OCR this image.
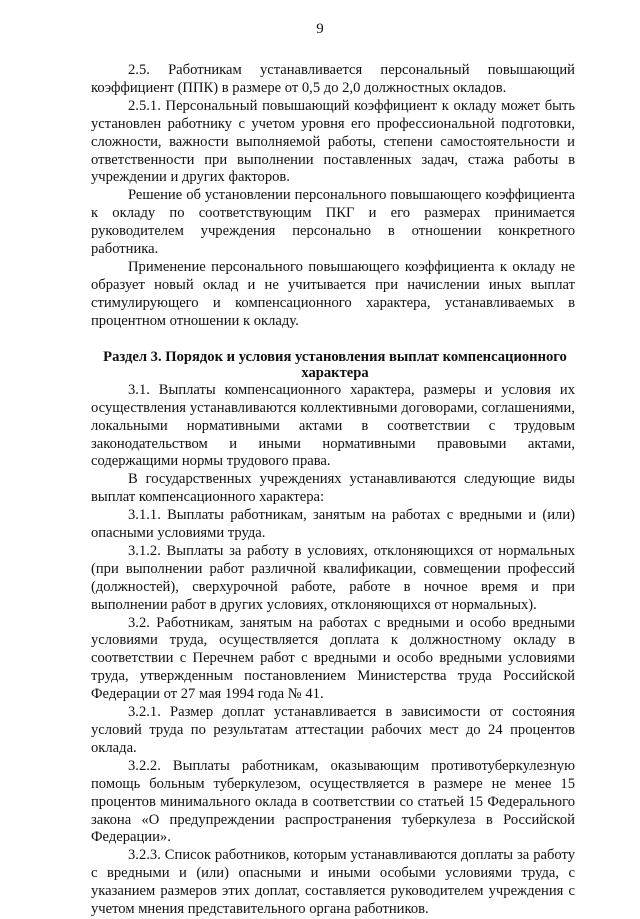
9

2.5. Работникам устанавливается персональный повышающий коэффициент (ППК) в размере от 0,5 до 2,0 должностных окладов.

2.5.1. Персональный повышающий коэффициент к окладу может быть установлен работнику с учетом уровня его профессиональной подготовки, сложности, важности выполняемой работы, степени самостоятельности и ответственности при выполнении поставленных задач, стажа работы в учреждении и других факторов.

Решение об установлении персонального повышающего коэффициента к окладу по соответствующим ПКГ и его размерах принимается руководителем учреждения персонально в отношении конкретного работника.

Применение персонального повышающего коэффициента к окладу не образует новый оклад и не учитывается при начислении иных выплат стимулирующего и компенсационного характера, устанавливаемых в процентном отношении к окладу.

Раздел 3. Порядок и условия установления выплат компенсационного характера

3.1. Выплаты компенсационного характера, размеры и условия их осуществления устанавливаются коллективными договорами, соглашениями, локальными нормативными актами в соответствии с трудовым законодательством и иными нормативными правовыми актами, содержащими нормы трудового права.

В государственных учреждениях устанавливаются следующие виды выплат компенсационного характера:

3.1.1. Выплаты работникам, занятым на работах с вредными и (или) опасными условиями труда.

3.1.2. Выплаты за работу в условиях, отклоняющихся от нормальных (при выполнении работ различной квалификации, совмещении профессий (должностей), сверхурочной работе, работе в ночное время и при выполнении работ в других условиях, отклоняющихся от нормальных).

3.2. Работникам, занятым на работах с вредными и особо вредными условиями труда, осуществляется доплата к должностному окладу в соответствии с Перечнем работ с вредными и особо вредными условиями труда, утвержденным постановлением Министерства труда Российской Федерации от 27 мая 1994 года № 41.

3.2.1. Размер доплат устанавливается в зависимости от состояния условий труда по результатам аттестации рабочих мест до 24 процентов оклада.

3.2.2. Выплаты работникам, оказывающим противотуберкулезную помощь больным туберкулезом, осуществляется в размере не менее 15 процентов минимального оклада в соответствии со статьей 15 Федерального закона «О предупреждении распространения туберкулеза в Российской Федерации».

3.2.3. Список работников, которым устанавливаются доплаты за работу с вредными и (или) опасными и иными особыми условиями труда, с указанием размеров этих доплат, составляется руководителем учреждения с учетом мнения представительного органа работников.
